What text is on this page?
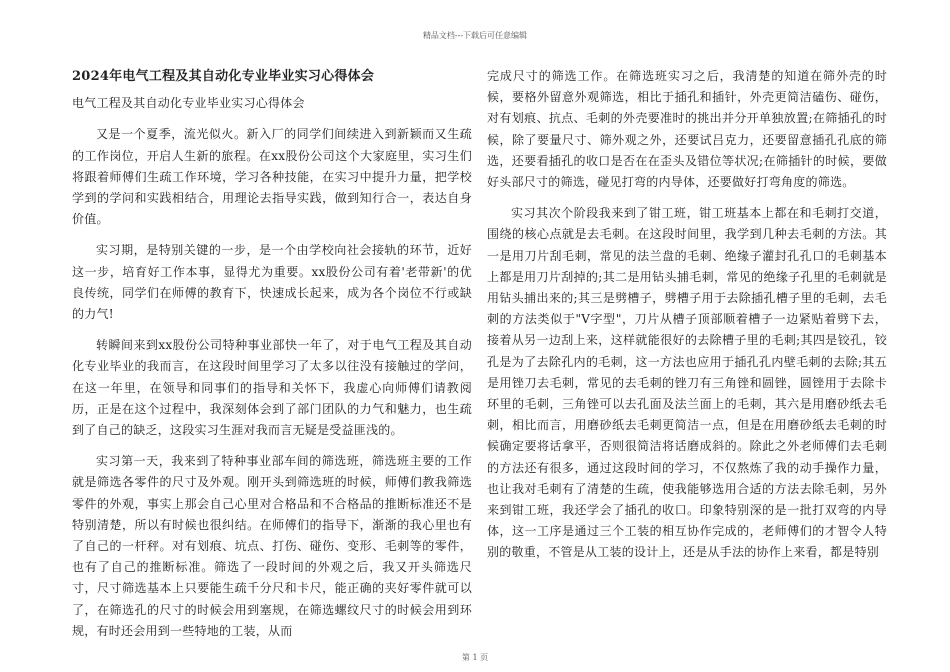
精品文档---下载后可任意编辑

2024年电气工程及其自动化专业毕业实习心得体会

电气工程及其自动化专业毕业实习心得体会

又是一个夏季，流光似火。新入厂的同学们间续进入到新颖而又生疏的工作岗位，开启人生新的旅程。在xx股份公司这个大家庭里，实习生们将跟着师傅们生疏工作环境，学习各种技能，在实习中提升力量，把学校学到的学问和实践相结合，用理论去指导实践，做到知行合一，表达自身价值。

实习期，是特别关键的一步，是一个由学校向社会接轨的环节，近好这一步，培育好工作本事，显得尤为重要。xx股份公司有着'老带新'的优良传统，同学们在师傅的教育下，快速成长起来，成为各个岗位不行或缺的力气!

转瞬间来到xx股份公司特种事业部快一年了，对于电气工程及其自动化专业毕业的我而言，在这段时间里学习了太多以往没有接触过的学问，在这一年里，在领导和同事们的指导和关怀下，我虚心向师傅们请教阅历，正是在这个过程中，我深刻体会到了部门团队的力气和魅力，也生疏到了自己的缺乏，这段实习生涯对我而言无疑是受益匪浅的。

实习第一天，我来到了特种事业部车间的筛选班，筛选班主要的工作就是筛选各零件的尺寸及外观。刚开头到筛选班的时候，师傅们教我筛选零件的外观，事实上那会自己心里对合格品和不合格品的推断标准还不是特别清楚，所以有时候也很纠结。在师傅们的指导下，渐渐的我心里也有了自己的一杆秤。对有划痕、坑点、打伤、碰伤、变形、毛刺等的零件，也有了自己的推断标准。筛选了一段时间的外观之后，我又开头筛选尺寸，尺寸筛选基本上只要能生疏千分尺和卡尺，能正确的夹好零件就可以了，在筛选孔的尺寸的时候会用到塞规，在筛选螺纹尺寸的时候会用到环规，有时还会用到一些特地的工装，从而

完成尺寸的筛选工作。在筛选班实习之后，我清楚的知道在筛外壳的时候，要格外留意外观筛选，相比于插孔和插针，外壳更简洁磕伤、碰伤，对有划痕、抗点、毛刺的外壳要准时的挑出并分开单独放置;在筛插孔的时候，除了要量尺寸、筛外观之外，还要试吕克力，还要留意插孔孔底的筛选，还要看插孔的收口是否在在歪头及错位等状况;在筛插针的时候，要做好头部尺寸的筛选，碰见打弯的内导体，还要做好打弯角度的筛选。

实习其次个阶段我来到了钳工班，钳工班基本上都在和毛刺打交道，围绕的核心点就是去毛刺。在这段时间里，我学到几种去毛刺的方法。其一是用刀片刮毛刺，常见的法兰盘的毛刺、绝缘子灌封孔孔口的毛刺基本上都是用刀片刮掉的;其二是用钻头捕毛刺，常见的绝缘子孔里的毛刺就是用钻头捕出来的;其三是劈槽子，劈槽子用于去除插孔槽子里的毛刺，去毛刺的方法类似于"V字型"，刀片从槽子顶部顺着槽子一边紧贴着劈下去，接着从另一边刮上来，这样就能很好的去除槽子里的毛刺;其四是铰孔，铰孔是为了去除孔内的毛刺，这一方法也应用于插孔孔内壁毛刺的去除;其五是用锉刀去毛刺，常见的去毛刺的锉刀有三角锉和圆锉，圆锉用于去除卡环里的毛刺，三角锉可以去孔面及法兰面上的毛刺，其六是用磨砂纸去毛刺，相比而言，用磨砂纸去毛刺更简洁一点，但是在用磨砂纸去毛刺的时候确定要将话拿平，否则很简洁将话磨成斜的。除此之外老师傅们去毛刺的方法还有很多，通过这段时间的学习，不仅熬炼了我的动手操作力量，也让我对毛刺有了清楚的生疏，使我能够选用合适的方法去除毛刺，另外来到钳工班，我还学会了插孔的收口。印象特别深的是一批打双弯的内导体，这一工序是通过三个工装的相互协作完成的，老师傅们的才智令人特别的敬重，不管是从工装的设计上，还是从手法的协作上来看，都是特别

第 1 页
